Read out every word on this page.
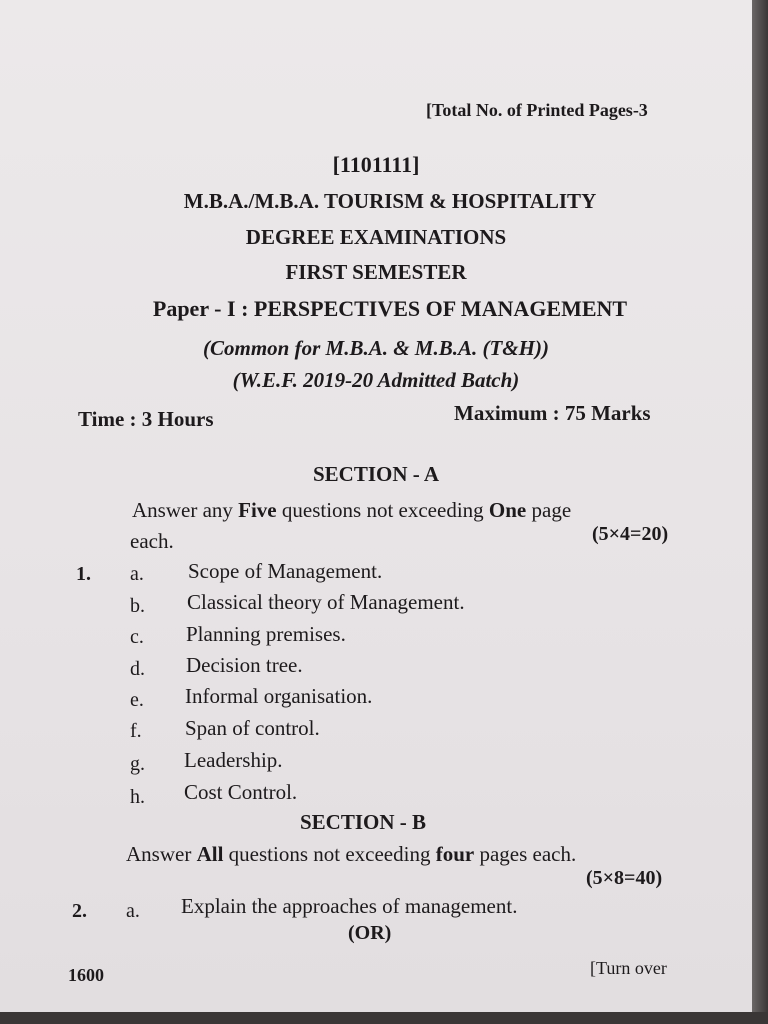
[Total No. of Printed Pages-3
[1101111]
M.B.A./M.B.A. TOURISM & HOSPITALITY
DEGREE EXAMINATIONS
FIRST SEMESTER
Paper - I : PERSPECTIVES OF MANAGEMENT
(Common for M.B.A. & M.B.A. (T&H))
(W.E.F. 2019-20 Admitted Batch)
Time : 3 Hours	Maximum : 75 Marks
SECTION - A
Answer any Five questions not exceeding One page
each.	(5×4=20)
1. a. Scope of Management.
b. Classical theory of Management.
c. Planning premises.
d. Decision tree.
e. Informal organisation.
f. Span of control.
g. Leadership.
h. Cost Control.
SECTION - B
Answer All questions not exceeding four pages each.
(5×8=40)
2. a. Explain the approaches of management.
(OR)
1600	[Turn over
